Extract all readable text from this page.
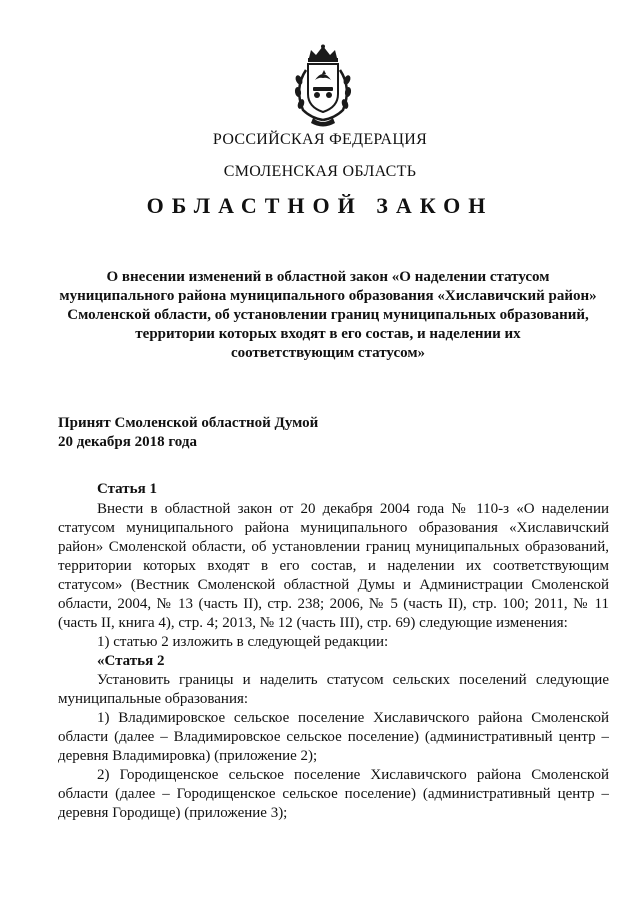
РОССИЙСКАЯ ФЕДЕРАЦИЯ
СМОЛЕНСКАЯ ОБЛАСТЬ
ОБЛАСТНОЙ ЗАКОН
О внесении изменений в областной закон «О наделении статусом
муниципального района муниципального образования «Хиславичский район»
Смоленской области, об установлении границ муниципальных образований,
территории которых входят в его состав, и наделении их
соответствующим статусом»
Принят Смоленской областной Думой
20 декабря 2018 года
Статья 1
Внести в областной закон от 20 декабря 2004 года № 110-з «О наделении
статусом муниципального района муниципального образования «Хиславичский
район» Смоленской области, об установлении границ муниципальных образований,
территории которых входят в его состав, и наделении их соответствующим
статусом» (Вестник Смоленской областной Думы и Администрации Смоленской
области, 2004, № 13 (часть II), стр. 238; 2006, № 5 (часть II), стр. 100; 2011, № 11
(часть II, книга 4), стр. 4; 2013, № 12 (часть III), стр. 69) следующие изменения:
1) статью 2 изложить в следующей редакции:
«Статья 2
Установить границы и наделить статусом сельских поселений следующие
муниципальные образования:
1) Владимировское сельское поселение Хиславичского района Смоленской
области (далее – Владимировское сельское поселение) (административный центр –
деревня Владимировка) (приложение 2);
2) Городищенское сельское поселение Хиславичского района Смоленской
области (далее – Городищенское сельское поселение) (административный центр –
деревня Городище) (приложение 3);
